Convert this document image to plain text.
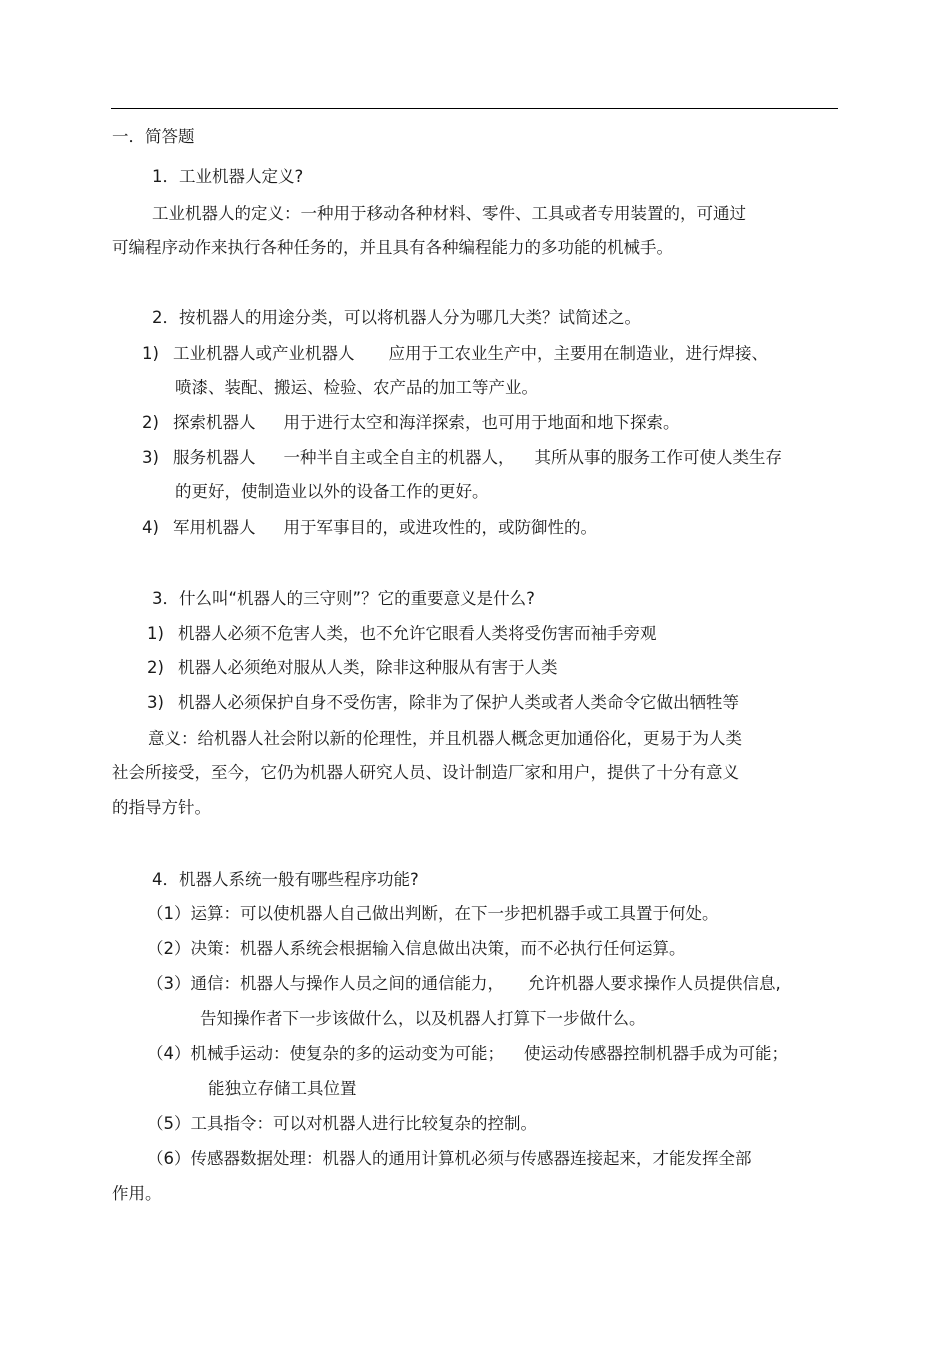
一．简答题
1．工业机器人定义?
工业机器人的定义：一种用于移动各种材料、零件、工具或者专用装置的，可通过
可编程序动作来执行各种任务的，并且具有各种编程能力的多功能的机械手。
2．按机器人的用途分类，可以将机器人分为哪几大类？试简述之。
1) 工业机器人或产业机器人 应用于工农业生产中，主要用在制造业，进行焊接、
喷漆、装配、搬运、检验、农产品的加工等产业。
2) 探索机器人 用于进行太空和海洋探索，也可用于地面和地下探索。
3) 服务机器人 一种半自主或全自主的机器人， 其所从事的服务工作可使人类生存
的更好，使制造业以外的设备工作的更好。
4) 军用机器人 用于军事目的，或进攻性的，或防御性的。
3．什么叫“机器人的三守则”？它的重要意义是什么?
1) 机器人必须不危害人类，也不允许它眼看人类将受伤害而袖手旁观
2) 机器人必须绝对服从人类，除非这种服从有害于人类
3) 机器人必须保护自身不受伤害，除非为了保护人类或者人类命令它做出牺牲等
意义：给机器人社会附以新的伦理性，并且机器人概念更加通俗化，更易于为人类
社会所接受，至今，它仍为机器人研究人员、设计制造厂家和用户，提供了十分有意义
的指导方针。
4．机器人系统一般有哪些程序功能?
（1）运算：可以使机器人自己做出判断，在下一步把机器手或工具置于何处。
（2）决策：机器人系统会根据输入信息做出决策，而不必执行任何运算。
（3）通信：机器人与操作人员之间的通信能力， 允许机器人要求操作人员提供信息,
告知操作者下一步该做什么，以及机器人打算下一步做什么。
（4）机械手运动：使复杂的多的运动变为可能； 使运动传感器控制机器手成为可能；
能独立存储工具位置
（5）工具指令：可以对机器人进行比较复杂的控制。
（6）传感器数据处理：机器人的通用计算机必须与传感器连接起来，才能发挥全部
作用。
